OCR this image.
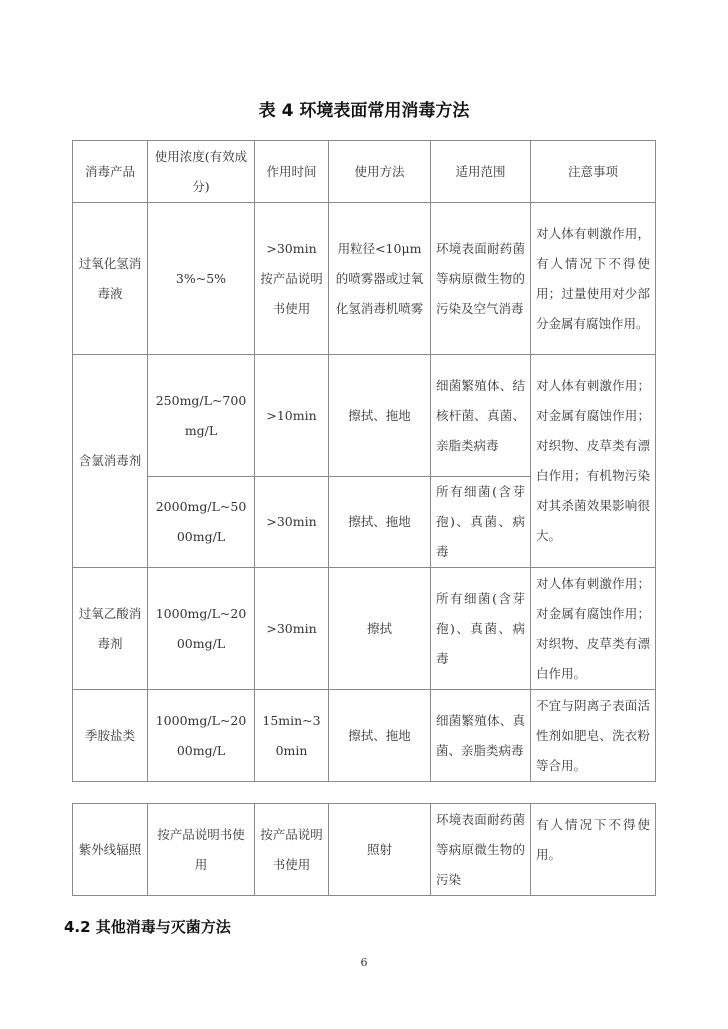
表 4 环境表面常用消毒方法
消毒产品	使用浓度(有效成分)	作用时间	使用方法	适用范围	注意事项
过氧化氢消毒液	3%~5%	>30min 按产品说明书使用	用粒径<10μm的喷雾器或过氧化氢消毒机喷雾	环境表面耐药菌等病原微生物的污染及空气消毒	对人体有刺激作用，有人情况下不得使用；过量使用对少部分金属有腐蚀作用。
含氯消毒剂	250mg/L~700mg/L	>10min	擦拭、拖地	细菌繁殖体、结核杆菌、真菌、亲脂类病毒	对人体有刺激作用；对金属有腐蚀作用；对织物、皮草类有漂白作用；有机物污染对其杀菌效果影响很大。
	2000mg/L~5000mg/L	>30min	擦拭、拖地	所有细菌(含芽孢)、真菌、病毒	
过氧乙酸消毒剂	1000mg/L~2000mg/L	>30min	擦拭	所有细菌(含芽孢)、真菌、病毒	对人体有刺激作用；对金属有腐蚀作用；对织物、皮草类有漂白作用。
季胺盐类	1000mg/L~2000mg/L	15min~30min	擦拭、拖地	细菌繁殖体、真菌、亲脂类病毒	不宜与阴离子表面活性剂如肥皂、洗衣粉等合用。
紫外线辐照	按产品说明书使用	按产品说明书使用	照射	环境表面耐药菌等病原微生物的污染	有人情况下不得使用。
4.2 其他消毒与灭菌方法
6
